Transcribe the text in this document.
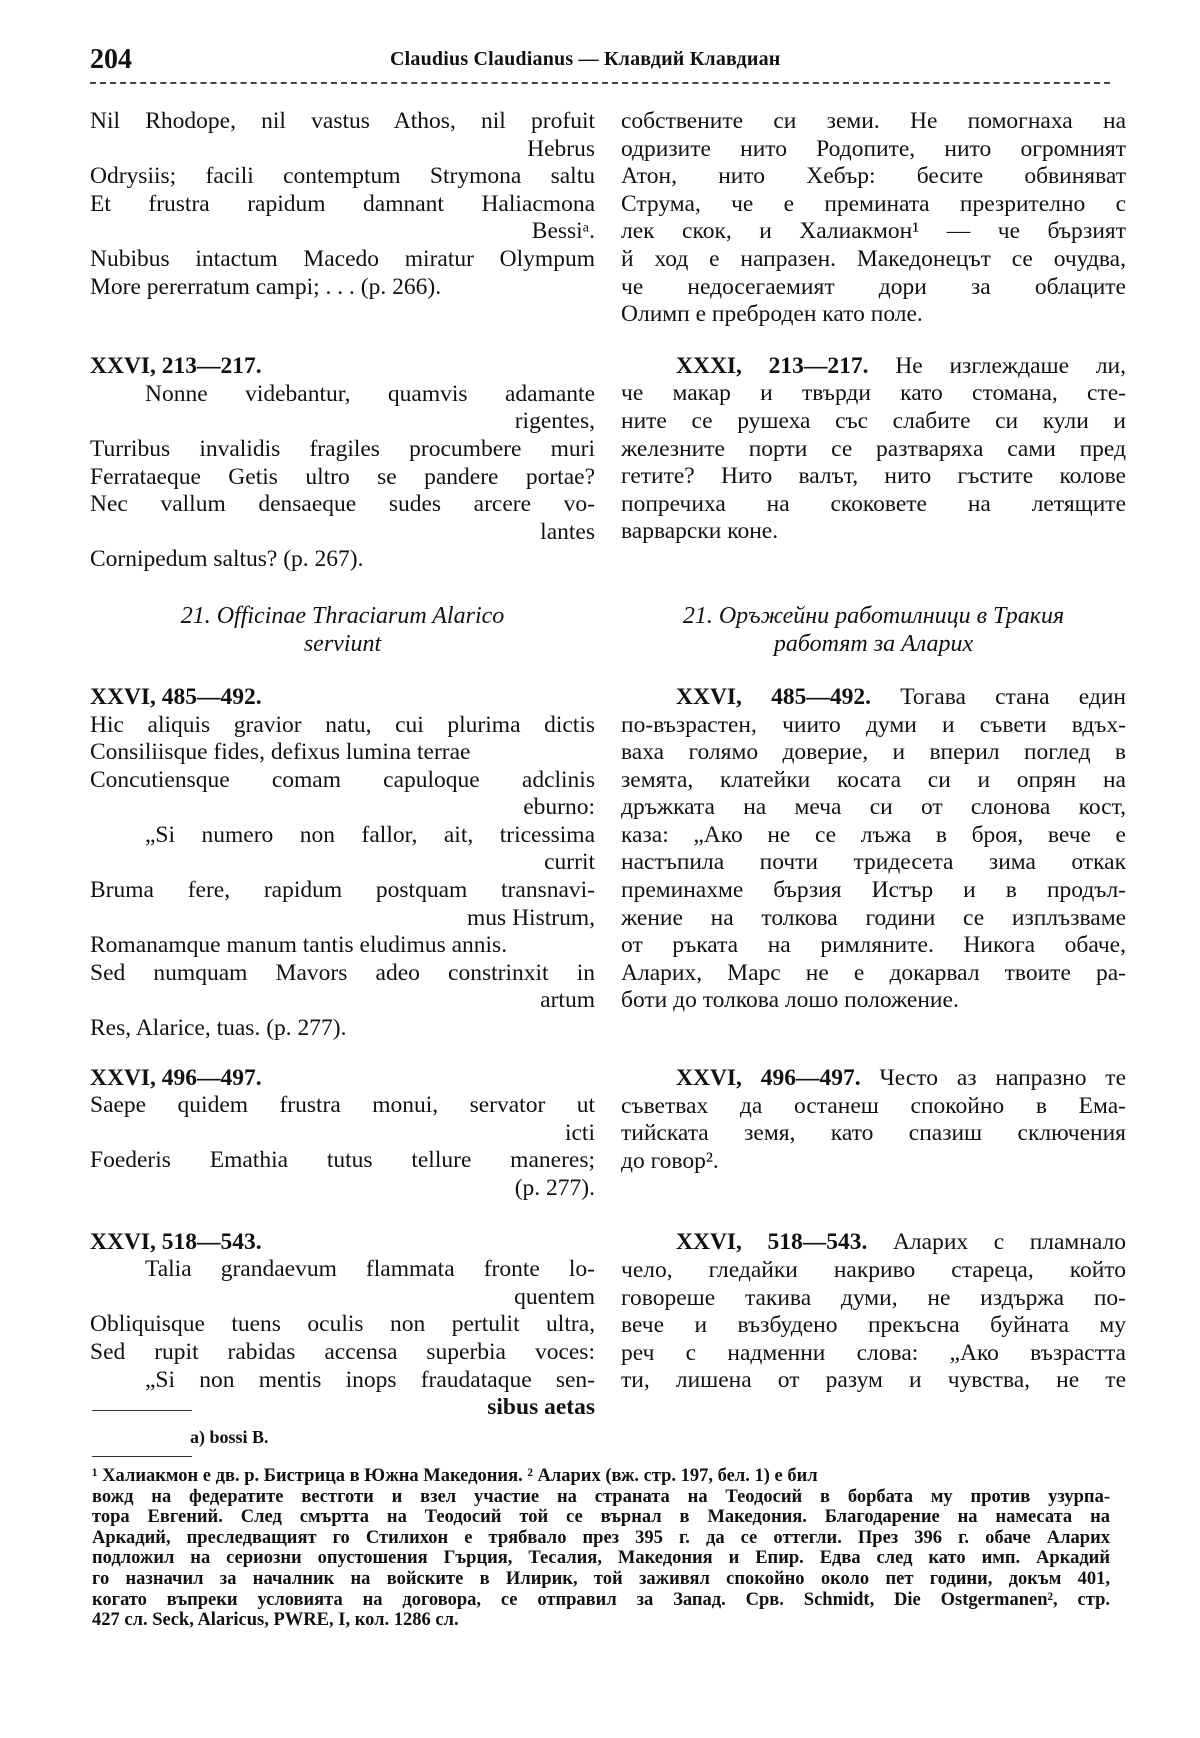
204	Claudius Claudianus — Клавдий Клавдиан
Nil Rhodope, nil vastus Athos, nil profuit
Hebrus
Odrysiis; facili contemptum Strymona saltu
Et frustra rapidum damnant Haliacmona
Bessiᵃ.
Nubibus intactum Macedo miratur Olympum
More pererratum campi; . . . (p. 266).
XXVI, 213—217.
Nonne videbantur, quamvis adamante
rigentes,
Turribus invalidis fragiles procumbere muri
Ferrataeque Getis ultro se pandere portae?
Nec vallum densaeque sudes arcere vo-
lantes
Cornipedum saltus? (p. 267).
21. Officinae Thraciarum Alarico
serviunt
XXVI, 485—492.
Hic aliquis gravior natu, cui plurima dictis
Consiliisque fides, defixus lumina terrae
Concutiensque comam capuloque adclinis
eburno:
„Si numero non fallor, ait, tricessima
currit
Bruma fere, rapidum postquam transnavi-
mus Histrum,
Romanamque manum tantis eludimus annis.
Sed numquam Mavors adeo constrinxit in
artum
Res, Alarice, tuas. (p. 277).
XXVI, 496—497.
Saepe quidem frustra monui, servator ut
icti
Foederis Emathia tutus tellure maneres;
(p. 277).
XXVI, 518—543.
Talia grandaevum flammata fronte lo-
quentem
Obliquisque tuens oculis non pertulit ultra,
Sed rupit rabidas accensa superbia voces:
„Si non mentis inops fraudataque sen-
sibus aetas
собствените си земи. Не помогнаха на
одризите нито Родопите, нито огромният
Атон, нито Хебър: бесите обвиняват
Струма, че е преминатa презрително с
лек скок, и Халиакмон¹ — че бързият
й ход е напразен. Македонецът се очудва,
че недосегаемият дори за облаците
Олимп е пребродeн като поле.
XXXI, 213—217. Не изглеждаше ли,
че макар и твърди като стомана, сте-
ните се рушеха със слабите си кули и
железните порти се разтваряха сами пред
гетите? Нито валът, нито гъстите колове
попречиха на скоковете на летящите
варварски коне.
21. Оръжейни работилници в Тракия
работят за Аларих
XXVI, 485—492. Тогава стана един
по-възрастен, чиито думи и съвети вдъх-
ваха голямо доверие, и вперил поглед в
земята, клатейки косата си и опрян на
дръжката на меча си от слонова кост,
каза: „Ако не се лъжа в броя, вече е
настъпила почти тридесета зима откак
преминахме бързия Истър и в продъл-
жение на толкова години се изплъзваме
от ръката на римляните. Никога обаче,
Аларих, Марс не е докарвал твоите ра-
боти до толкова лошо положение.
XXVI, 496—497. Често аз напразно те
съветвах да останеш спокойно в Ема-
тийската земя, като спазиш сключения
до говор².
XXVI, 518—543. Аларих с пламнало
чело, гледайки накриво стареца, който
говореше такива думи, не издържа по-
вече и възбудено прекъсна буйната му
реч с надменни слова: „Ако възрастта
ти, лишена от разум и чувства, не те
a) bossi B.
¹ Халиакмон е дв. р. Бистрица в Южна Македония. ² Аларих (вж. стр. 197, бел. 1) е бил
вожд на федератите вестготи и взел участие на страната на Теодосий в борбата му против узурпа-
тора Евгений. След смъртта на Теодосий той се върнал в Македония. Благодарение на намесата на
Аркадий, преследващият го Стилихон е трябвало през 395 г. да се оттегли. През 396 г. обаче Аларих
подложил на сериозни опустошения Гърция, Тесалия, Македония и Епир. Едва след като имп. Аркадий
го назначил за началник на войските в Илирик, той заживял спокойно около пет години, докъм 401,
когато въпреки условията на договора, се отправил за Запад. Срв. Schmidt, Die Ostgermanen², стр.
427 сл. Seck, Alaricus, PWRE, I, кол. 1286 сл.
